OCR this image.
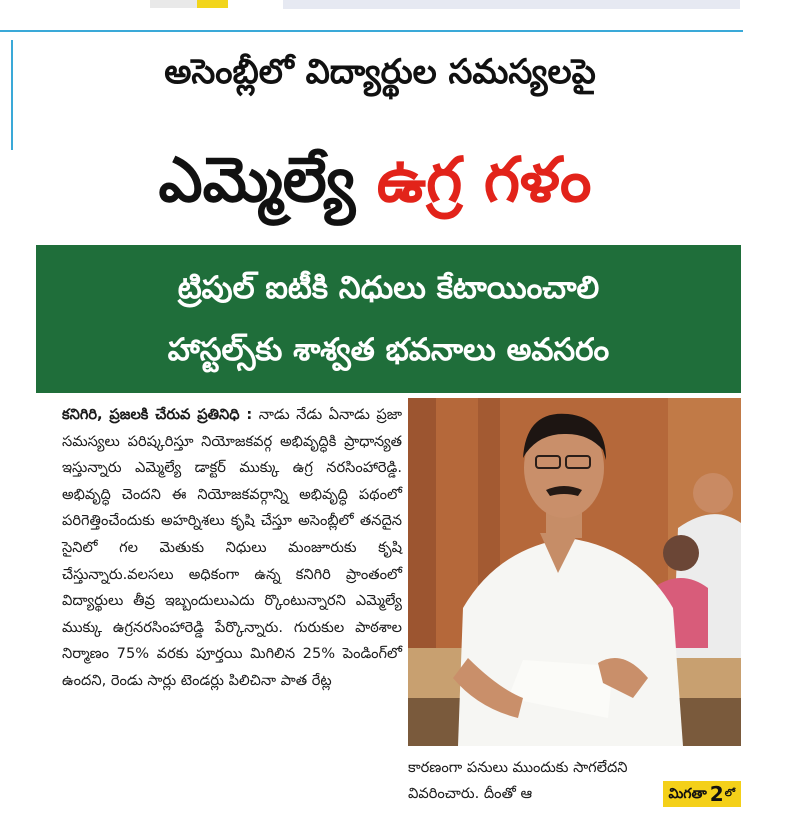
అసెంబ్లీలో విద్యార్థుల సమస్యలపై
ఎమ్మెల్యే ఉగ్ర గళం
ట్రిపుల్ ఐటీకి నిధులు కేటాయించాలి
హాస్టల్స్‌కు శాశ్వత భవనాలు అవసరం

కనిగిరి, ప్రజలకి చేరువ ప్రతినిధి : నాడు నేడు ఏనాడు ప్రజా సమస్యలు పరిష్కరిస్తూ నియోజకవర్గ అభివృద్ధికి ప్రాధాన్యత ఇస్తున్నారు ఎమ్మెల్యే డాక్టర్ ముక్కు ఉగ్ర నరసింహారెడ్డి. అభివృద్ధి చెందని ఈ నియోజకవర్గాన్ని అభివృద్ధి పథంలో పరిగెత్తించేందుకు అహర్నిశలు కృషి చేస్తూ అసెంబ్లీలో తనదైన సైనిలో గల మెతుకు నిధులు మంజూరుకు కృషి చేస్తున్నారు.వలసలు అధికంగా ఉన్న కనిగిరి ప్రాంతంలో విద్యార్థులు తీవ్ర ఇబ్బందులుఎదు ర్కొంటున్నారని ఎమ్మెల్యే ముక్కు ఉగ్రనరసింహారెడ్డి పేర్కొన్నారు. గురుకుల పాఠశాల నిర్మాణం 75% వరకు పూర్తయి మిగిలిన 25% పెండింగ్‌లో ఉందని, రెండు సార్లు టెండర్లు పిలిచినా పాత రేట్ల

కారణంగా పనులు ముందుకు సాగలేదని
వివరించారు. దీంతో ఆ	మిగతా 2 లో
